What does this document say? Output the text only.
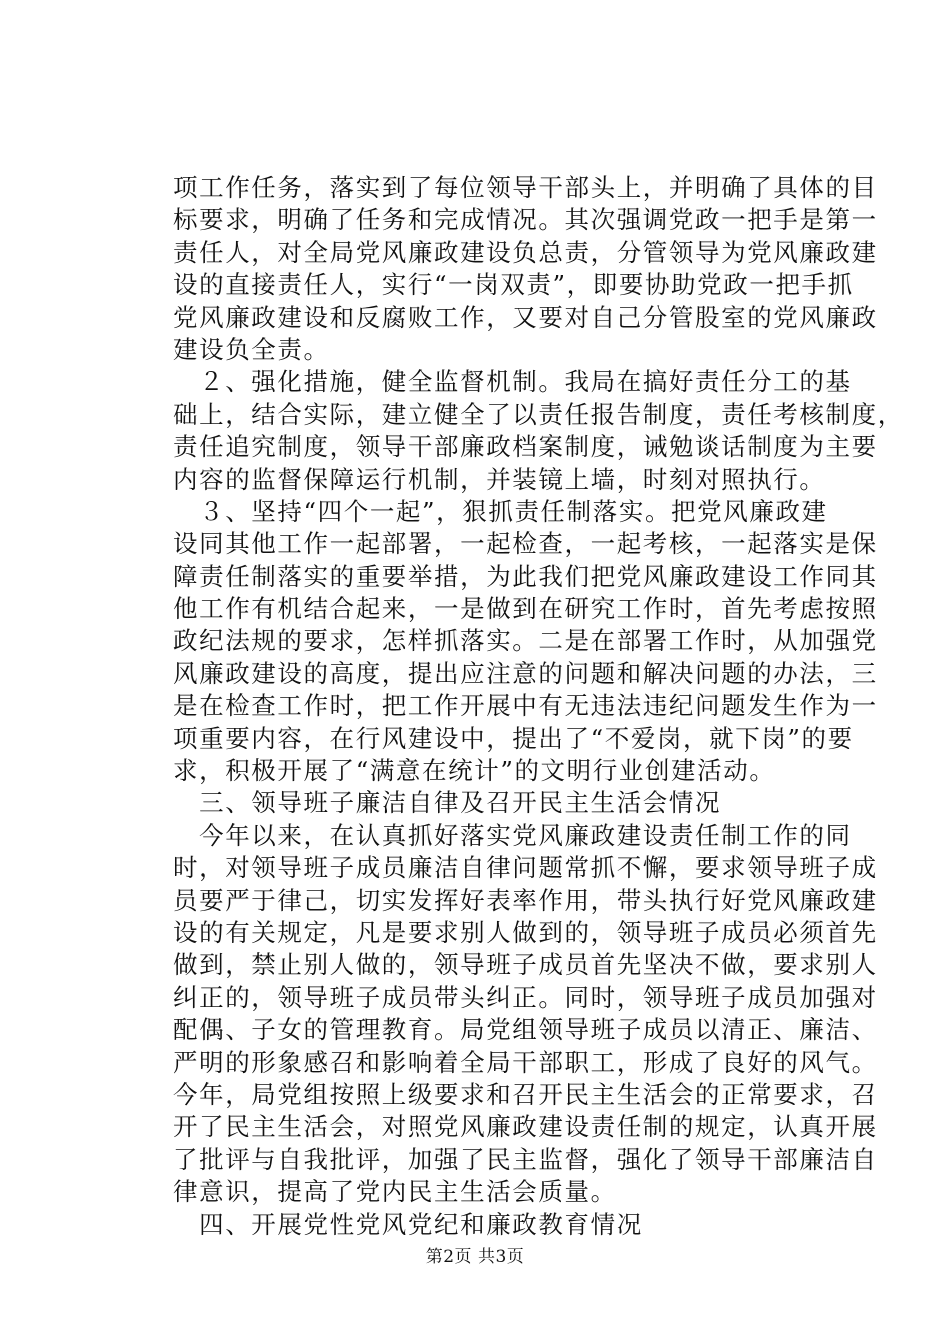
项工作任务，落实到了每位领导干部头上，并明确了具体的目
标要求，明确了任务和完成情况。其次强调党政一把手是第一
责任人，对全局党风廉政建设负总责，分管领导为党风廉政建
设的直接责任人，实行“一岗双责”，即要协助党政一把手抓
党风廉政建设和反腐败工作，又要对自己分管股室的党风廉政
建设负全责。
　２、强化措施，健全监督机制。我局在搞好责任分工的基
础上，结合实际，建立健全了以责任报告制度，责任考核制度，
责任追究制度，领导干部廉政档案制度，诫勉谈话制度为主要
内容的监督保障运行机制，并装镜上墙，时刻对照执行。
　３、坚持“四个一起”，狠抓责任制落实。把党风廉政建
设同其他工作一起部署，一起检查，一起考核，一起落实是保
障责任制落实的重要举措，为此我们把党风廉政建设工作同其
他工作有机结合起来，一是做到在研究工作时，首先考虑按照
政纪法规的要求，怎样抓落实。二是在部署工作时，从加强党
风廉政建设的高度，提出应注意的问题和解决问题的办法，三
是在检查工作时，把工作开展中有无违法违纪问题发生作为一
项重要内容，在行风建设中，提出了“不爱岗，就下岗”的要
求，积极开展了“满意在统计”的文明行业创建活动。
　三、领导班子廉洁自律及召开民主生活会情况
　今年以来，在认真抓好落实党风廉政建设责任制工作的同
时，对领导班子成员廉洁自律问题常抓不懈，要求领导班子成
员要严于律己，切实发挥好表率作用，带头执行好党风廉政建
设的有关规定，凡是要求别人做到的，领导班子成员必须首先
做到，禁止别人做的，领导班子成员首先坚决不做，要求别人
纠正的，领导班子成员带头纠正。同时，领导班子成员加强对
配偶、子女的管理教育。局党组领导班子成员以清正、廉洁、
严明的形象感召和影响着全局干部职工，形成了良好的风气。
今年，局党组按照上级要求和召开民主生活会的正常要求，召
开了民主生活会，对照党风廉政建设责任制的规定，认真开展
了批评与自我批评，加强了民主监督，强化了领导干部廉洁自
律意识，提高了党内民主生活会质量。
　四、开展党性党风党纪和廉政教育情况
第2页 共3页
